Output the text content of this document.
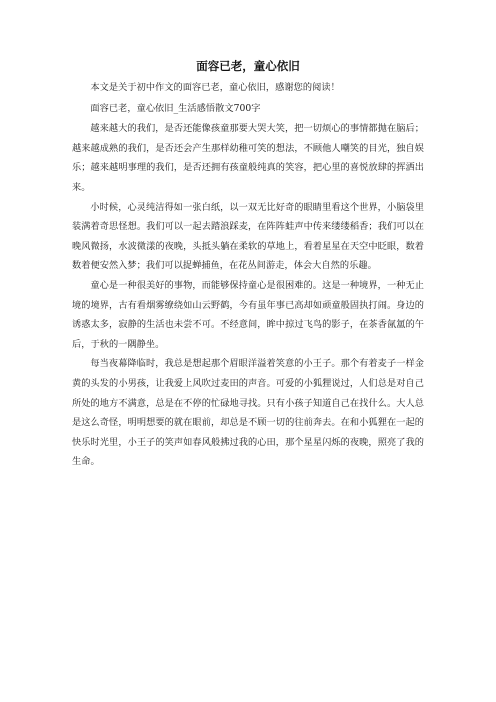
面容已老，童心依旧

本文是关于初中作文的面容已老，童心依旧，感谢您的阅读！

面容已老，童心依旧_生活感悟散文700字

越来越大的我们，是否还能像孩童那要大哭大笑，把一切烦心的事情都抛在脑后；越来越成熟的我们，是否还会产生那样幼稚可笑的想法，不顾他人嘲笑的目光，独自娱乐；越来越明事理的我们，是否还拥有孩童般纯真的笑容，把心里的喜悦放肆的挥洒出来。

小时候，心灵纯洁得如一张白纸，以一双无比好奇的眼睛里看这个世界，小脑袋里装满着奇思怪想。我们可以一起去踏浪踩麦，在阵阵蛙声中传来缕缕稻香；我们可以在晚风微扬，水波微漾的夜晚，头抵头躺在柔软的草地上，看着星星在天空中眨眼，数着数着便安然入梦；我们可以捉蝉捕鱼，在花丛间游走，体会大自然的乐趣。

童心是一种很美好的事物，而能够保持童心是很困难的。这是一种境界，一种无止境的境界，古有看烟雾缭绕如山云野鹤，今有虽年事已高却如顽童般固执打闹。身边的诱惑太多，寂静的生活也未尝不可。不经意间，眸中掠过飞鸟的影子，在茶香氤氲的午后，于秋的一隅静坐。

每当夜幕降临时，我总是想起那个眉眼洋溢着笑意的小王子。那个有着麦子一样金黄的头发的小男孩，让我爱上风吹过麦田的声音。可爱的小狐狸说过，人们总是对自己所处的地方不满意，总是在不停的忙碌地寻找。只有小孩子知道自己在找什么。大人总是这么奇怪，明明想要的就在眼前，却总是不顾一切的往前奔去。在和小狐狸在一起的快乐时光里，小王子的笑声如春风般拂过我的心田，那个星星闪烁的夜晚，照亮了我的生命。
